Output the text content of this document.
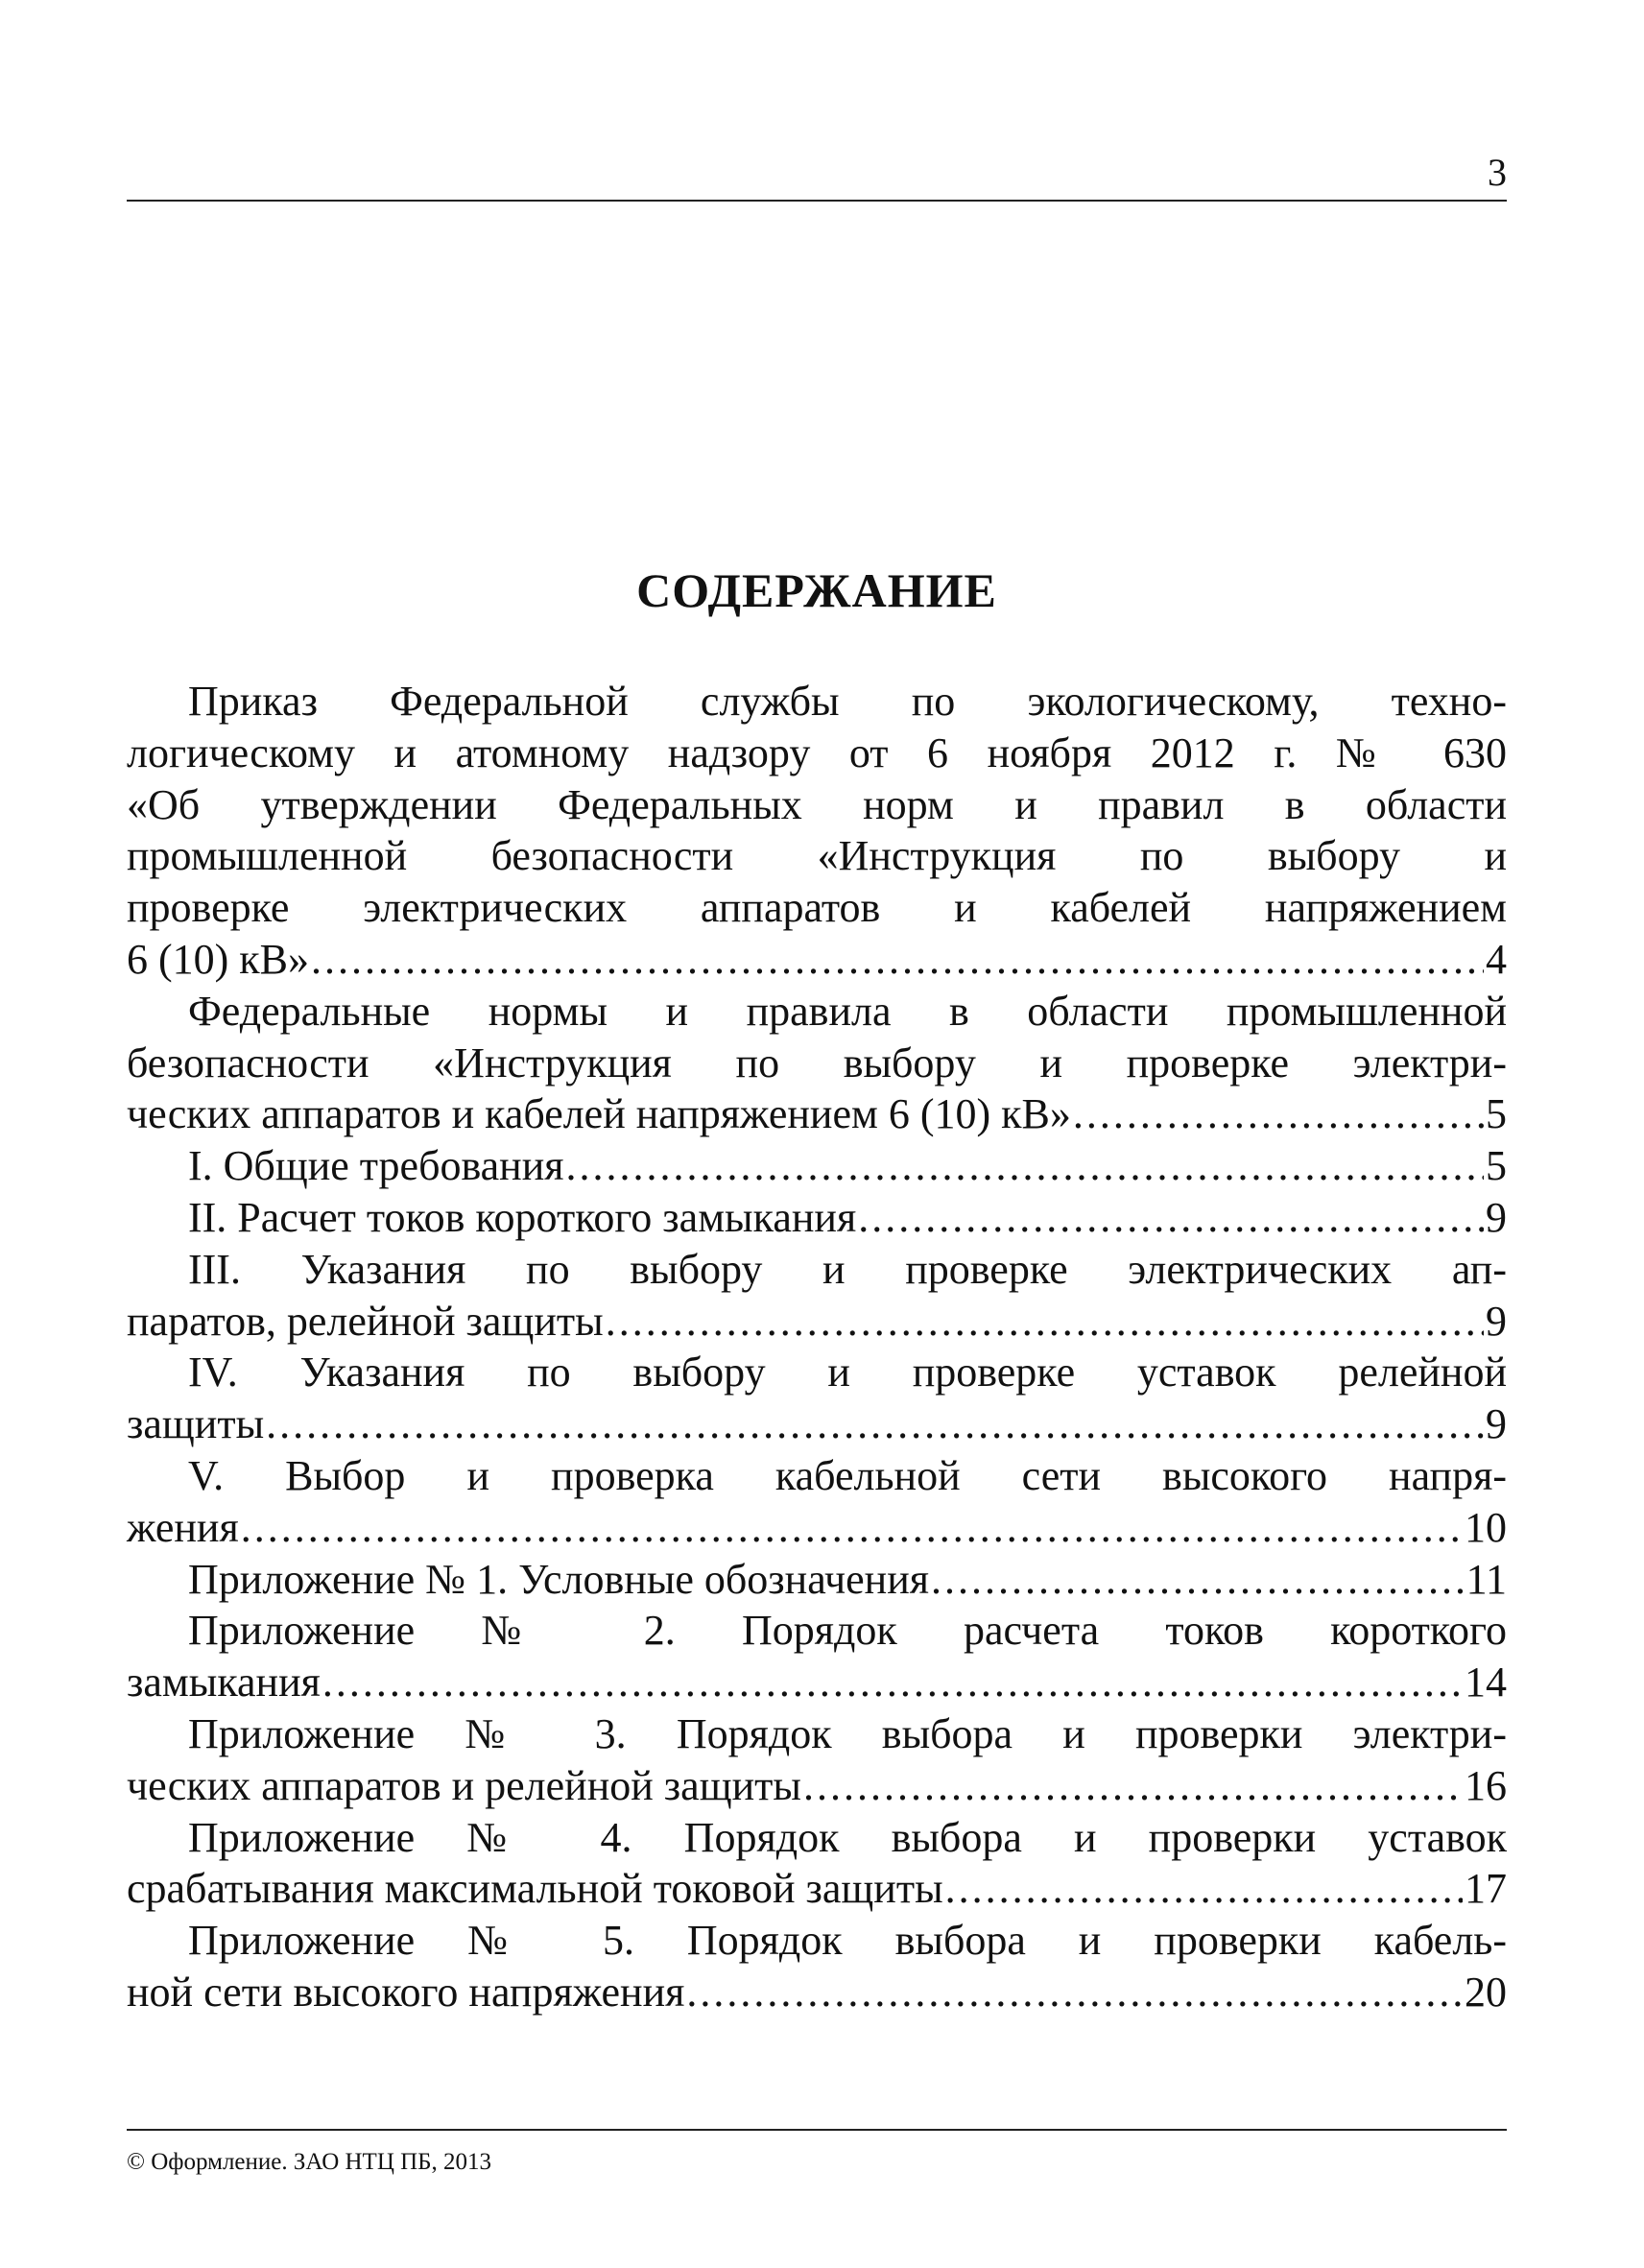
3
СОДЕРЖАНИЕ
Приказ Федеральной службы по экологическому, техно-
логическому и атомному надзору от 6 ноября 2012 г. № 630
«Об утверждении Федеральных норм и правил в области
промышленной безопасности «Инструкция по выбору и
проверке электрических аппаратов и кабелей напряжением
6 (10) кВ» .....	4
Федеральные нормы и правила в области промышленной
безопасности «Инструкция по выбору и проверке электри-
ческих аппаратов и кабелей напряжением 6 (10) кВ» .....	5
I. Общие требования .....	5
II. Расчет токов короткого замыкания .....	9
III. Указания по выбору и проверке электрических ап-
паратов, релейной защиты .....	9
IV. Указания по выбору и проверке уставок релейной
защиты .....	9
V. Выбор и проверка кабельной сети высокого напря-
жения .....	10
Приложение № 1. Условные обозначения .....	11
Приложение № 2. Порядок расчета токов короткого
замыкания .....	14
Приложение № 3. Порядок выбора и проверки электри-
ческих аппаратов и релейной защиты .....	16
Приложение № 4. Порядок выбора и проверки уставок
срабатывания максимальной токовой защиты .....	17
Приложение № 5. Порядок выбора и проверки кабель-
ной сети высокого напряжения .....	20
© Оформление. ЗАО НТЦ ПБ, 2013
